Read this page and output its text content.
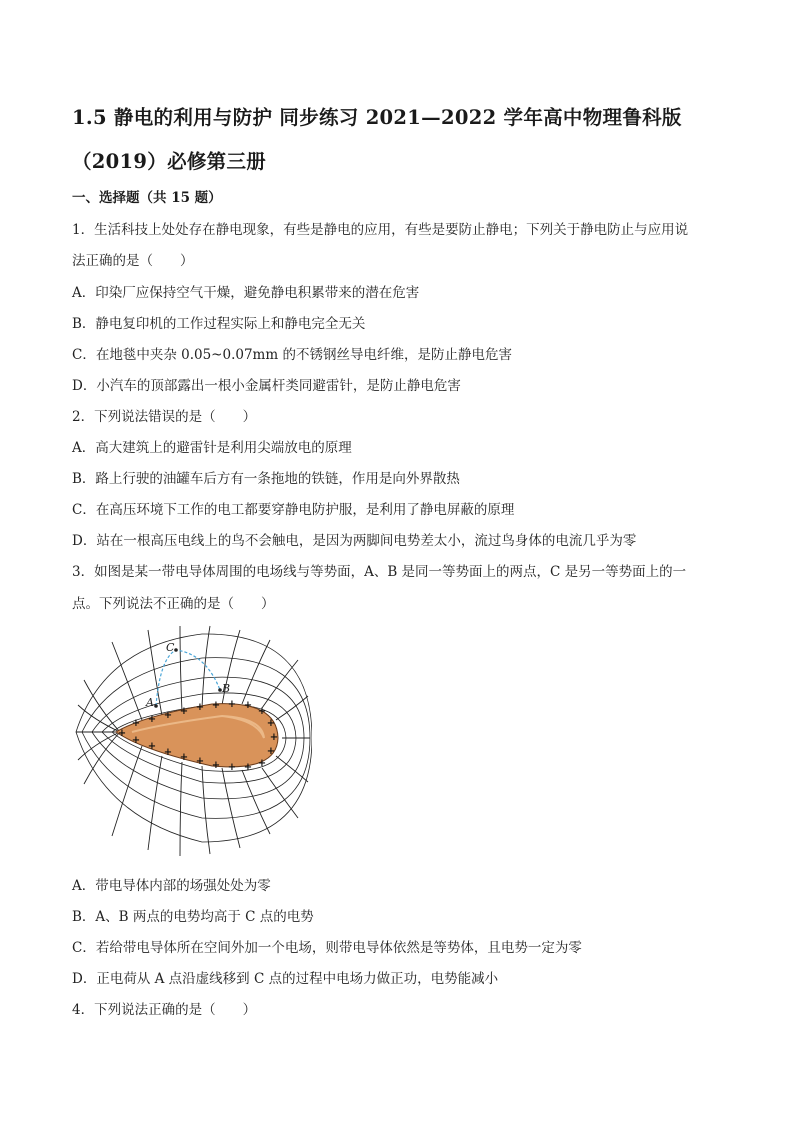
1.5 静电的利用与防护 同步练习 2021—2022 学年高中物理鲁科版
（2019）必修第三册
一、选择题（共 15 题）
1．生活科技上处处存在静电现象，有些是静电的应用，有些是要防止静电；下列关于静电防止与应用说
法正确的是（　　）
A．印染厂应保持空气干燥，避免静电积累带来的潜在危害
B．静电复印机的工作过程实际上和静电完全无关
C．在地毯中夹杂 0.05~0.07mm 的不锈钢丝导电纤维，是防止静电危害
D．小汽车的顶部露出一根小金属杆类同避雷针，是防止静电危害
2．下列说法错误的是（　　）
A．高大建筑上的避雷针是利用尖端放电的原理
B．路上行驶的油罐车后方有一条拖地的铁链，作用是向外界散热
C．在高压环境下工作的电工都要穿静电防护服，是利用了静电屏蔽的原理
D．站在一根高压电线上的鸟不会触电，是因为两脚间电势差太小，流过鸟身体的电流几乎为零
3．如图是某一带电导体周围的电场线与等势面，A、B 是同一等势面上的两点，C 是另一等势面上的一
点。下列说法不正确的是（　　）
A
C
B
+
+ + + + + + + +
+
+
+
+
+
+
+
+
+
+
+
+
+
A．带电导体内部的场强处处为零
B．A、B 两点的电势均高于 C 点的电势
C．若给带电导体所在空间外加一个电场，则带电导体依然是等势体，且电势一定为零
D．正电荷从 A 点沿虚线移到 C 点的过程中电场力做正功，电势能减小
4．下列说法正确的是（　　）
